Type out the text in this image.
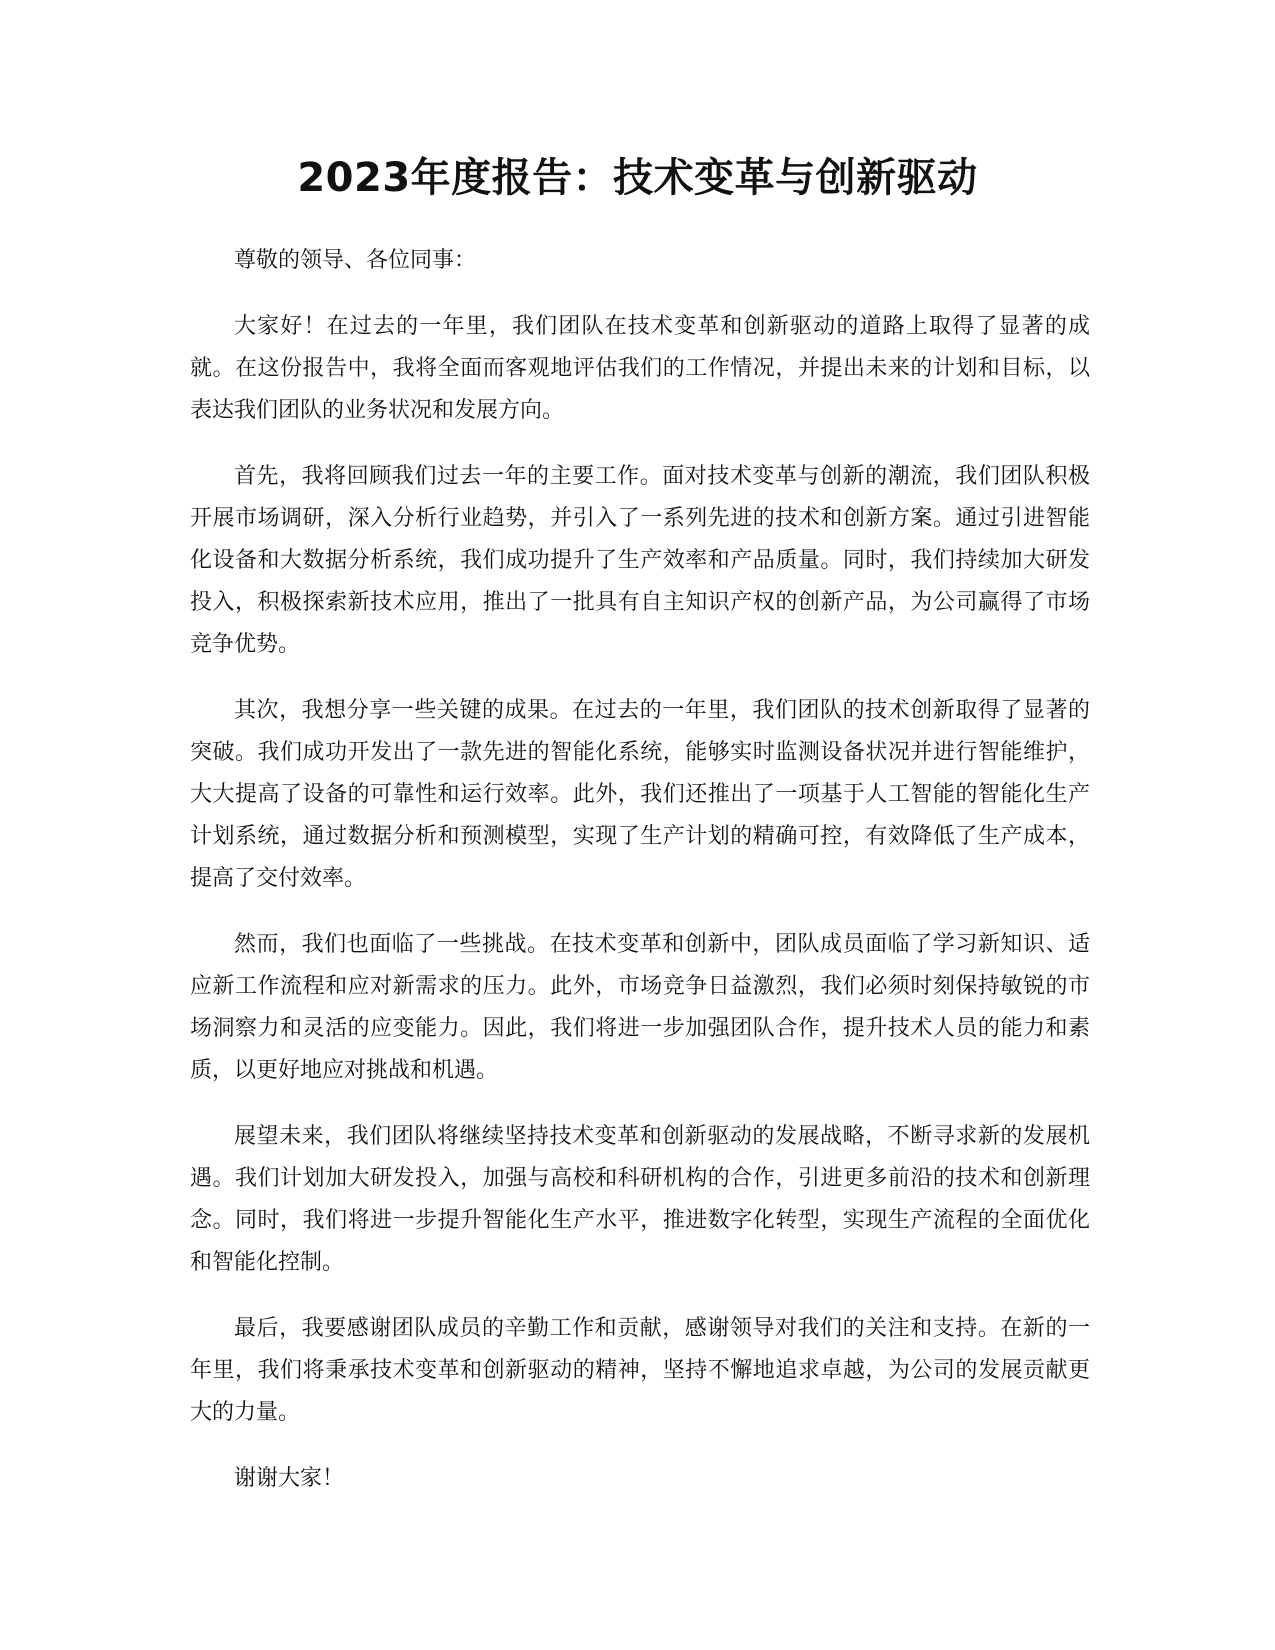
2023年度报告：技术变革与创新驱动

尊敬的领导、各位同事：

大家好！在过去的一年里，我们团队在技术变革和创新驱动的道路上取得了显著的成就。在这份报告中，我将全面而客观地评估我们的工作情况，并提出未来的计划和目标，以表达我们团队的业务状况和发展方向。

首先，我将回顾我们过去一年的主要工作。面对技术变革与创新的潮流，我们团队积极开展市场调研，深入分析行业趋势，并引入了一系列先进的技术和创新方案。通过引进智能化设备和大数据分析系统，我们成功提升了生产效率和产品质量。同时，我们持续加大研发投入，积极探索新技术应用，推出了一批具有自主知识产权的创新产品，为公司赢得了市场竞争优势。

其次，我想分享一些关键的成果。在过去的一年里，我们团队的技术创新取得了显著的突破。我们成功开发出了一款先进的智能化系统，能够实时监测设备状况并进行智能维护，大大提高了设备的可靠性和运行效率。此外，我们还推出了一项基于人工智能的智能化生产计划系统，通过数据分析和预测模型，实现了生产计划的精确可控，有效降低了生产成本，提高了交付效率。

然而，我们也面临了一些挑战。在技术变革和创新中，团队成员面临了学习新知识、适应新工作流程和应对新需求的压力。此外，市场竞争日益激烈，我们必须时刻保持敏锐的市场洞察力和灵活的应变能力。因此，我们将进一步加强团队合作，提升技术人员的能力和素质，以更好地应对挑战和机遇。

展望未来，我们团队将继续坚持技术变革和创新驱动的发展战略，不断寻求新的发展机遇。我们计划加大研发投入，加强与高校和科研机构的合作，引进更多前沿的技术和创新理念。同时，我们将进一步提升智能化生产水平，推进数字化转型，实现生产流程的全面优化和智能化控制。

最后，我要感谢团队成员的辛勤工作和贡献，感谢领导对我们的关注和支持。在新的一年里，我们将秉承技术变革和创新驱动的精神，坚持不懈地追求卓越，为公司的发展贡献更大的力量。

谢谢大家！
